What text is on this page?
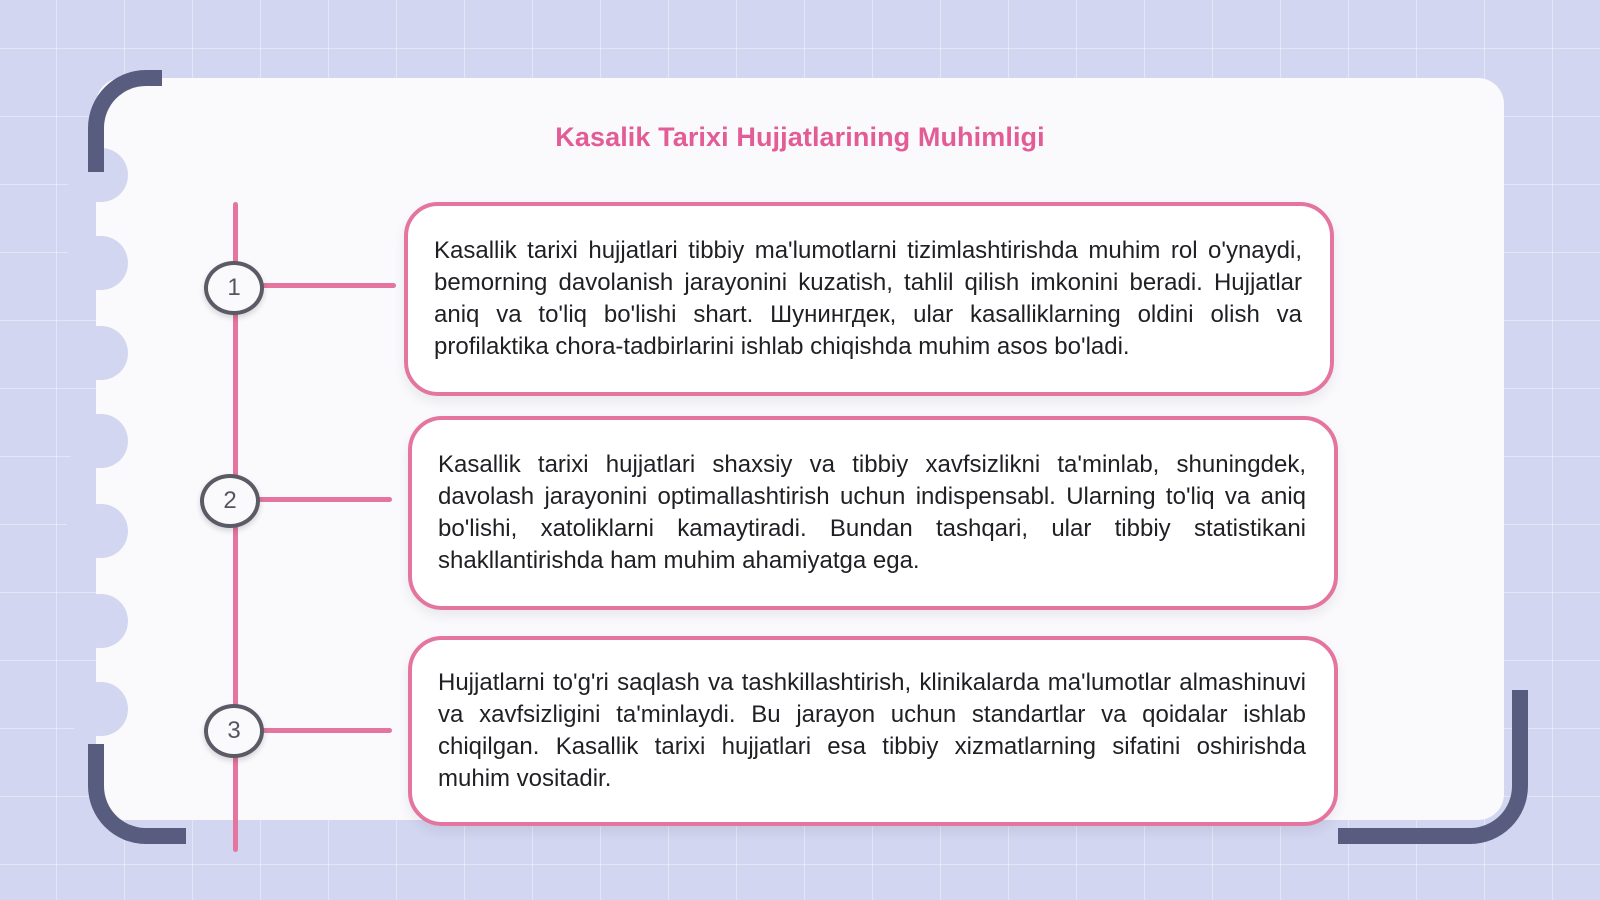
Kasalik Tarixi Hujjatlarining Muhimligi
1
2
3

Kasallik tarixi hujjatlari tibbiy ma'lumotlarni tizimlashtirishda muhim rol o'ynaydi, bemorning davolanish jarayonini kuzatish, tahlil qilish imkonini beradi. Hujjatlar aniq va to'liq bo'lishi shart. Шунингдек, ular kasalliklarning oldini olish va profilaktika chora-tadbirlarini ishlab chiqishda muhim asos bo'ladi.

Kasallik tarixi hujjatlari shaxsiy va tibbiy xavfsizlikni ta'minlab, shuningdek, davolash jarayonini optimallashtirish uchun indispensabl. Ularning to'liq va aniq bo'lishi, xatoliklarni kamaytiradi. Bundan tashqari, ular tibbiy statistikani shakllantirishda ham muhim ahamiyatga ega.

Hujjatlarni to'g'ri saqlash va tashkillashtirish, klinikalarda ma'lumotlar almashinuvi va xavfsizligini ta'minlaydi. Bu jarayon uchun standartlar va qoidalar ishlab chiqilgan. Kasallik tarixi hujjatlari esa tibbiy xizmatlarning sifatini oshirishda muhim vositadir.
